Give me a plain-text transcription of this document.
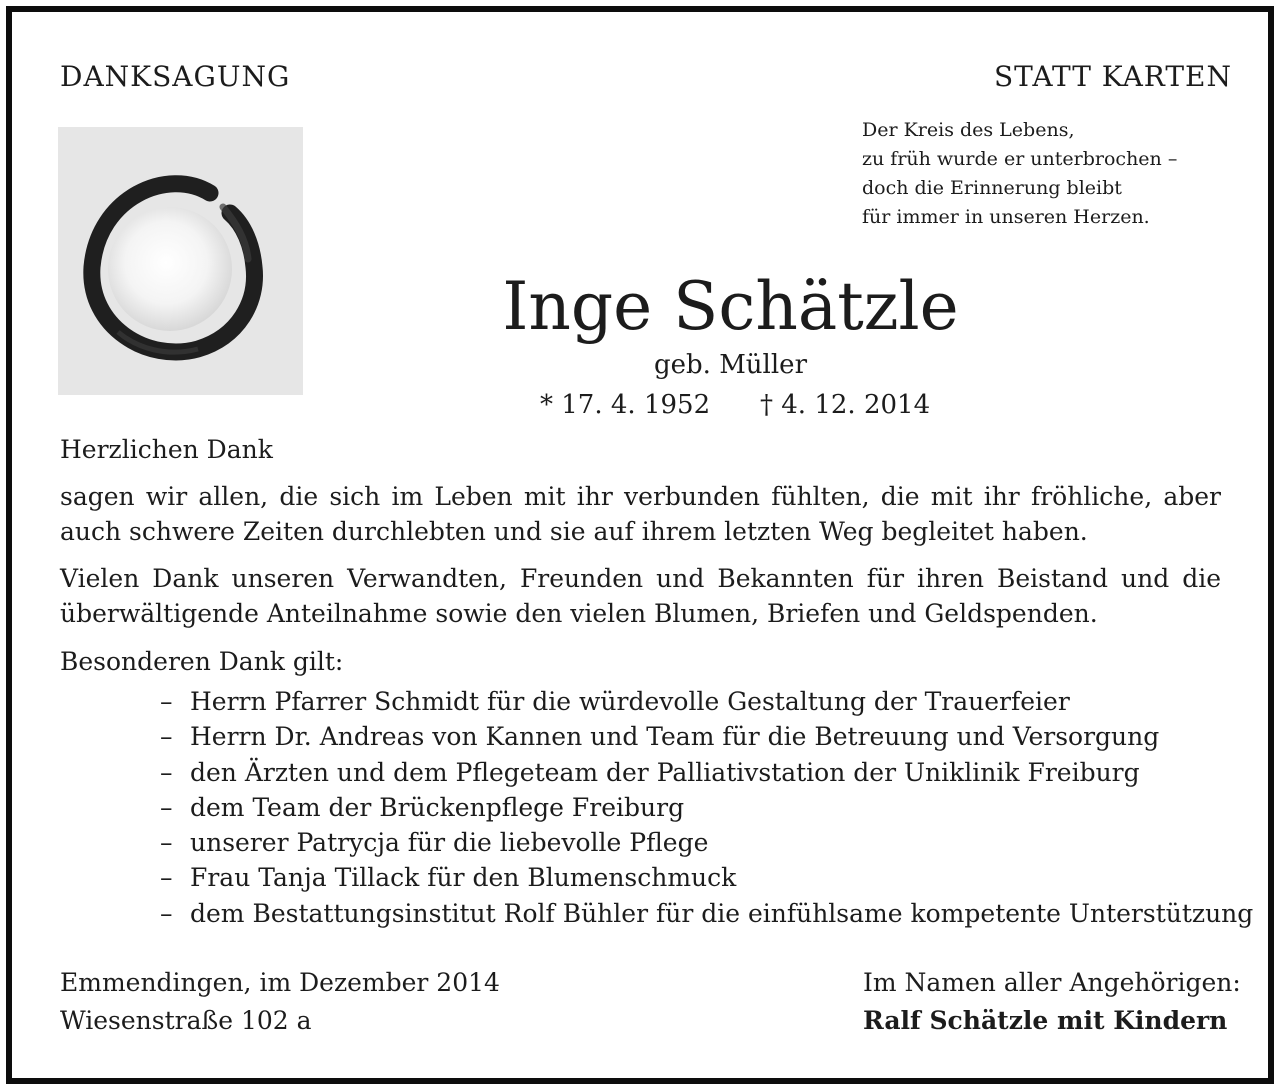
DANKSAGUNG	STATT KARTEN
Der Kreis des Lebens,
zu früh wurde er unterbrochen –
doch die Erinnerung bleibt
für immer in unseren Herzen.
Inge Schätzle
geb. Müller
* 17. 4. 1952 † 4. 12. 2014
Herzlichen Dank
sagen wir allen, die sich im Leben mit ihr verbunden fühlten, die mit ihr fröhliche, aber auch schwere Zeiten durchlebten und sie auf ihrem letzten Weg begleitet haben.
Vielen Dank unseren Verwandten, Freunden und Bekannten für ihren Beistand und die überwältigende Anteilnahme sowie den vielen Blumen, Briefen und Geldspenden.
Besonderen Dank gilt:
– Herrn Pfarrer Schmidt für die würdevolle Gestaltung der Trauerfeier
– Herrn Dr. Andreas von Kannen und Team für die Betreuung und Versorgung
– den Ärzten und dem Pflegeteam der Palliativstation der Uniklinik Freiburg
– dem Team der Brückenpflege Freiburg
– unserer Patrycja für die liebevolle Pflege
– Frau Tanja Tillack für den Blumenschmuck
– dem Bestattungsinstitut Rolf Bühler für die einfühlsame kompetente Unterstützung
Emmendingen, im Dezember 2014
Wiesenstraße 102 a
Im Namen aller Angehörigen:
Ralf Schätzle mit Kindern
